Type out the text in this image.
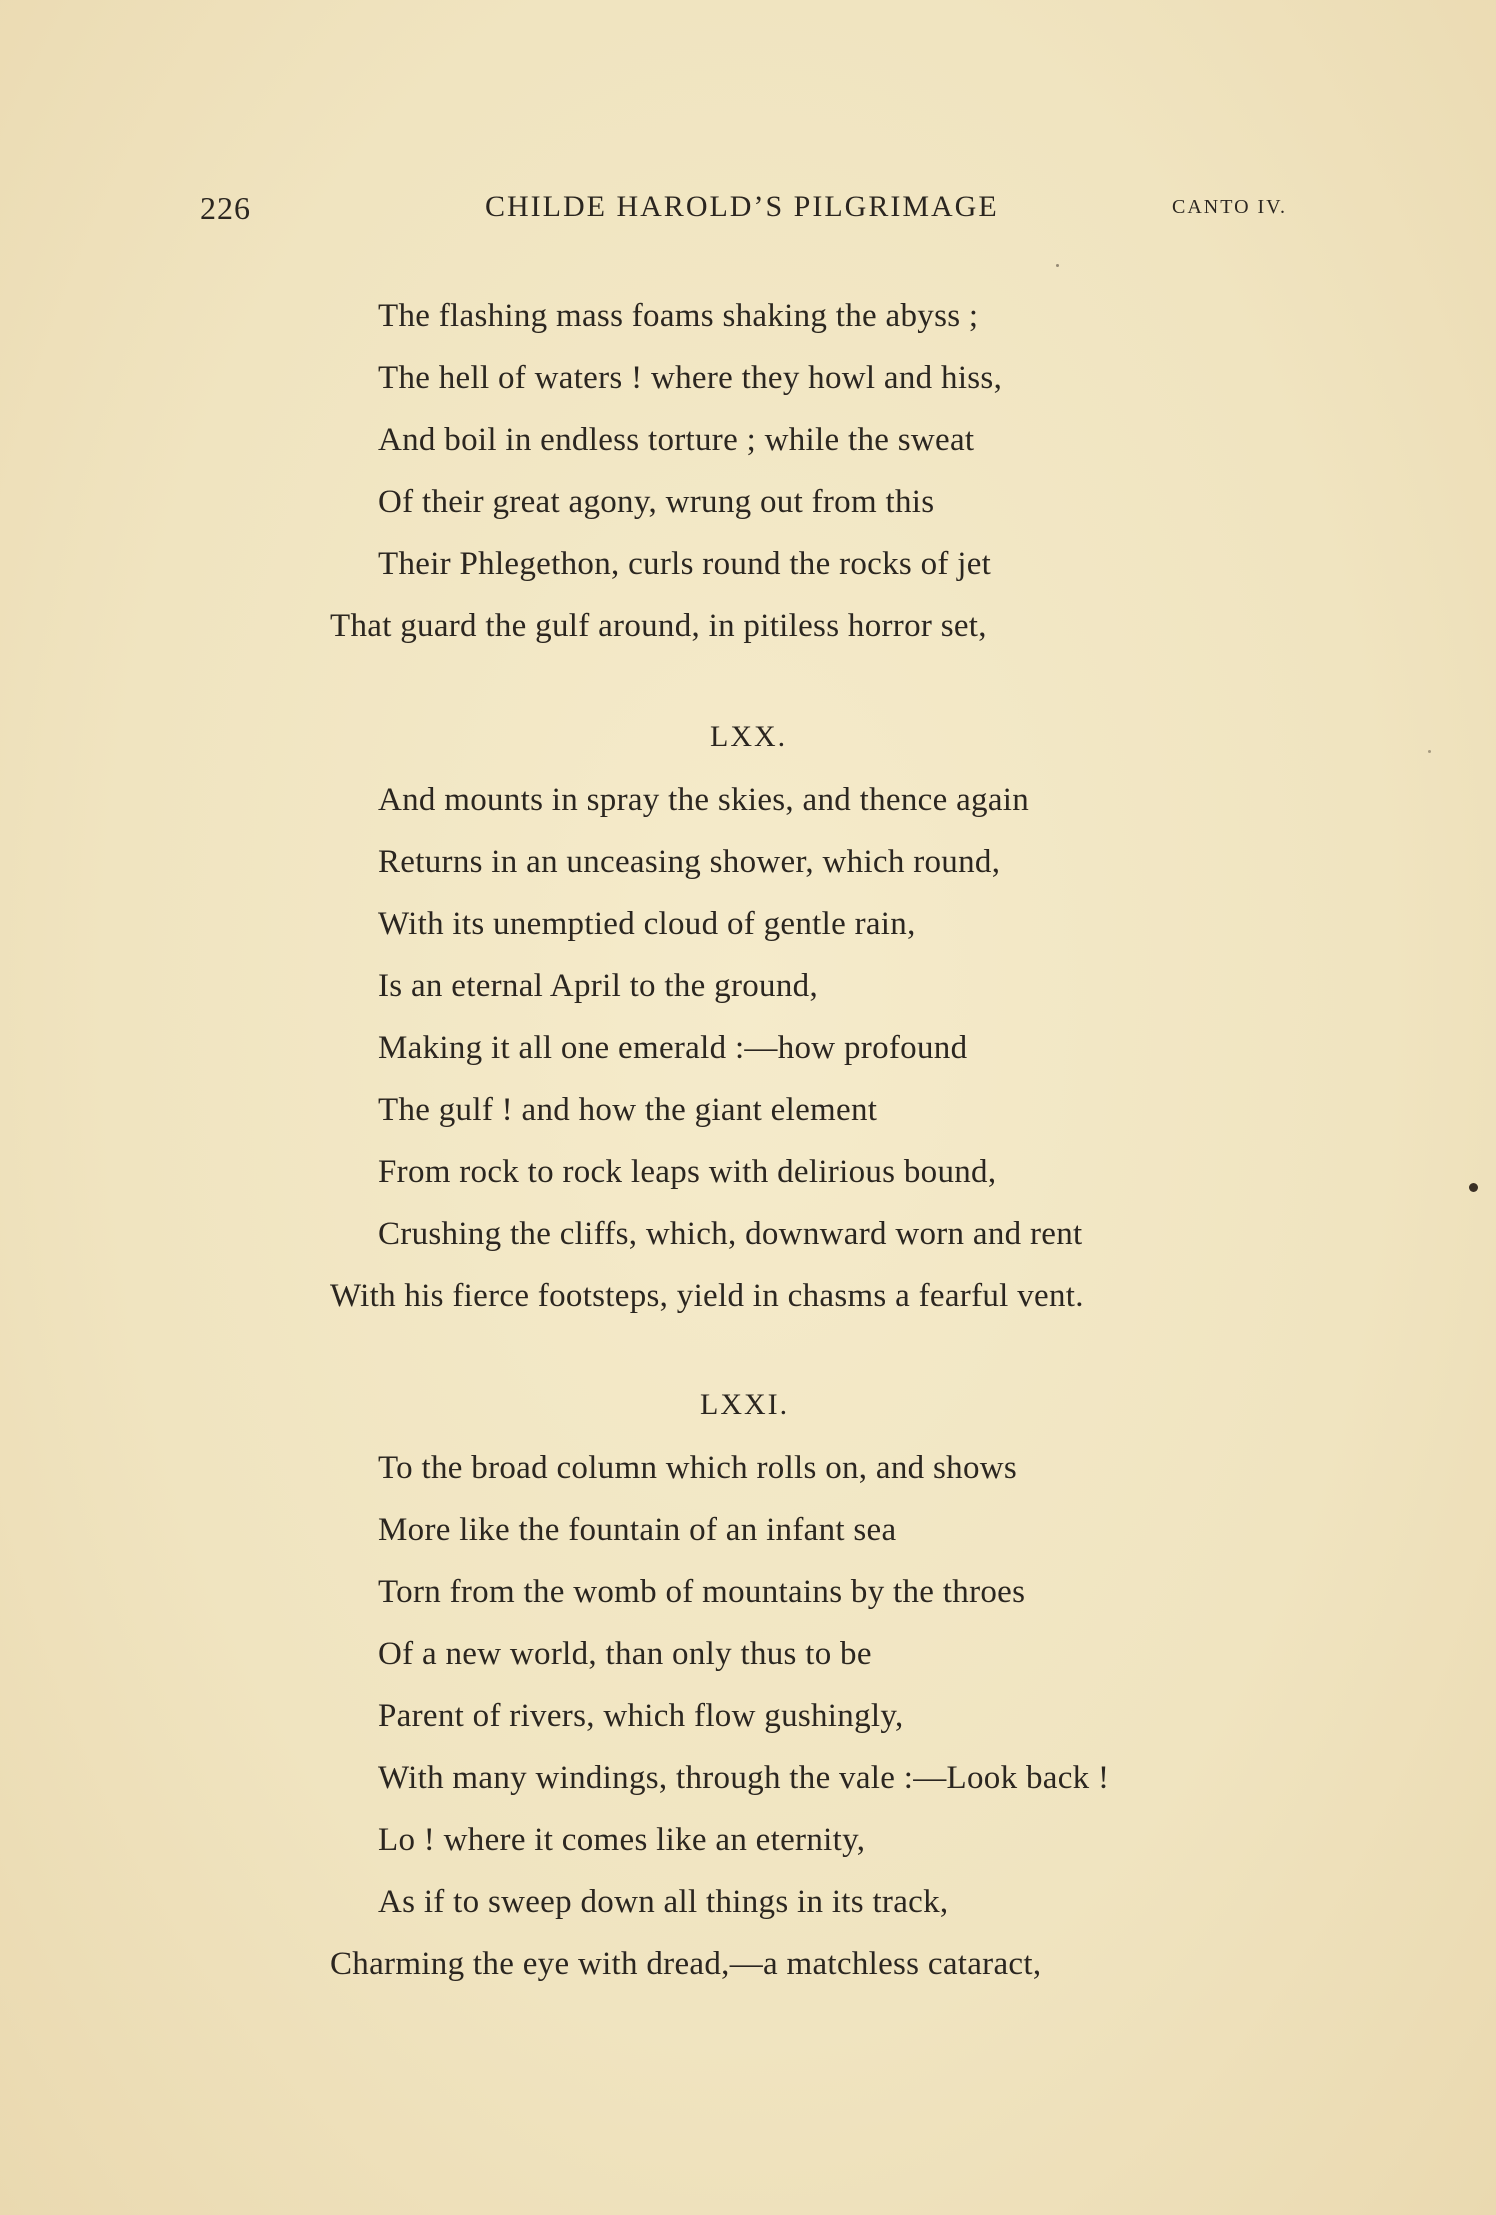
226	CHILDE HAROLD’S PILGRIMAGE	CANTO IV.
The flashing mass foams shaking the abyss ;
The hell of waters ! where they howl and hiss,
And boil in endless torture ; while the sweat
Of their great agony, wrung out from this
Their Phlegethon, curls round the rocks of jet
That guard the gulf around, in pitiless horror set,
LXX.
And mounts in spray the skies, and thence again
Returns in an unceasing shower, which round,
With its unemptied cloud of gentle rain,
Is an eternal April to the ground,
Making it all one emerald :—how profound
The gulf ! and how the giant element
From rock to rock leaps with delirious bound,
Crushing the cliffs, which, downward worn and rent
With his fierce footsteps, yield in chasms a fearful vent.
LXXI.
To the broad column which rolls on, and shows
More like the fountain of an infant sea
Torn from the womb of mountains by the throes
Of a new world, than only thus to be
Parent of rivers, which flow gushingly,
With many windings, through the vale :—Look back !
Lo ! where it comes like an eternity,
As if to sweep down all things in its track,
Charming the eye with dread,—a matchless cataract,
